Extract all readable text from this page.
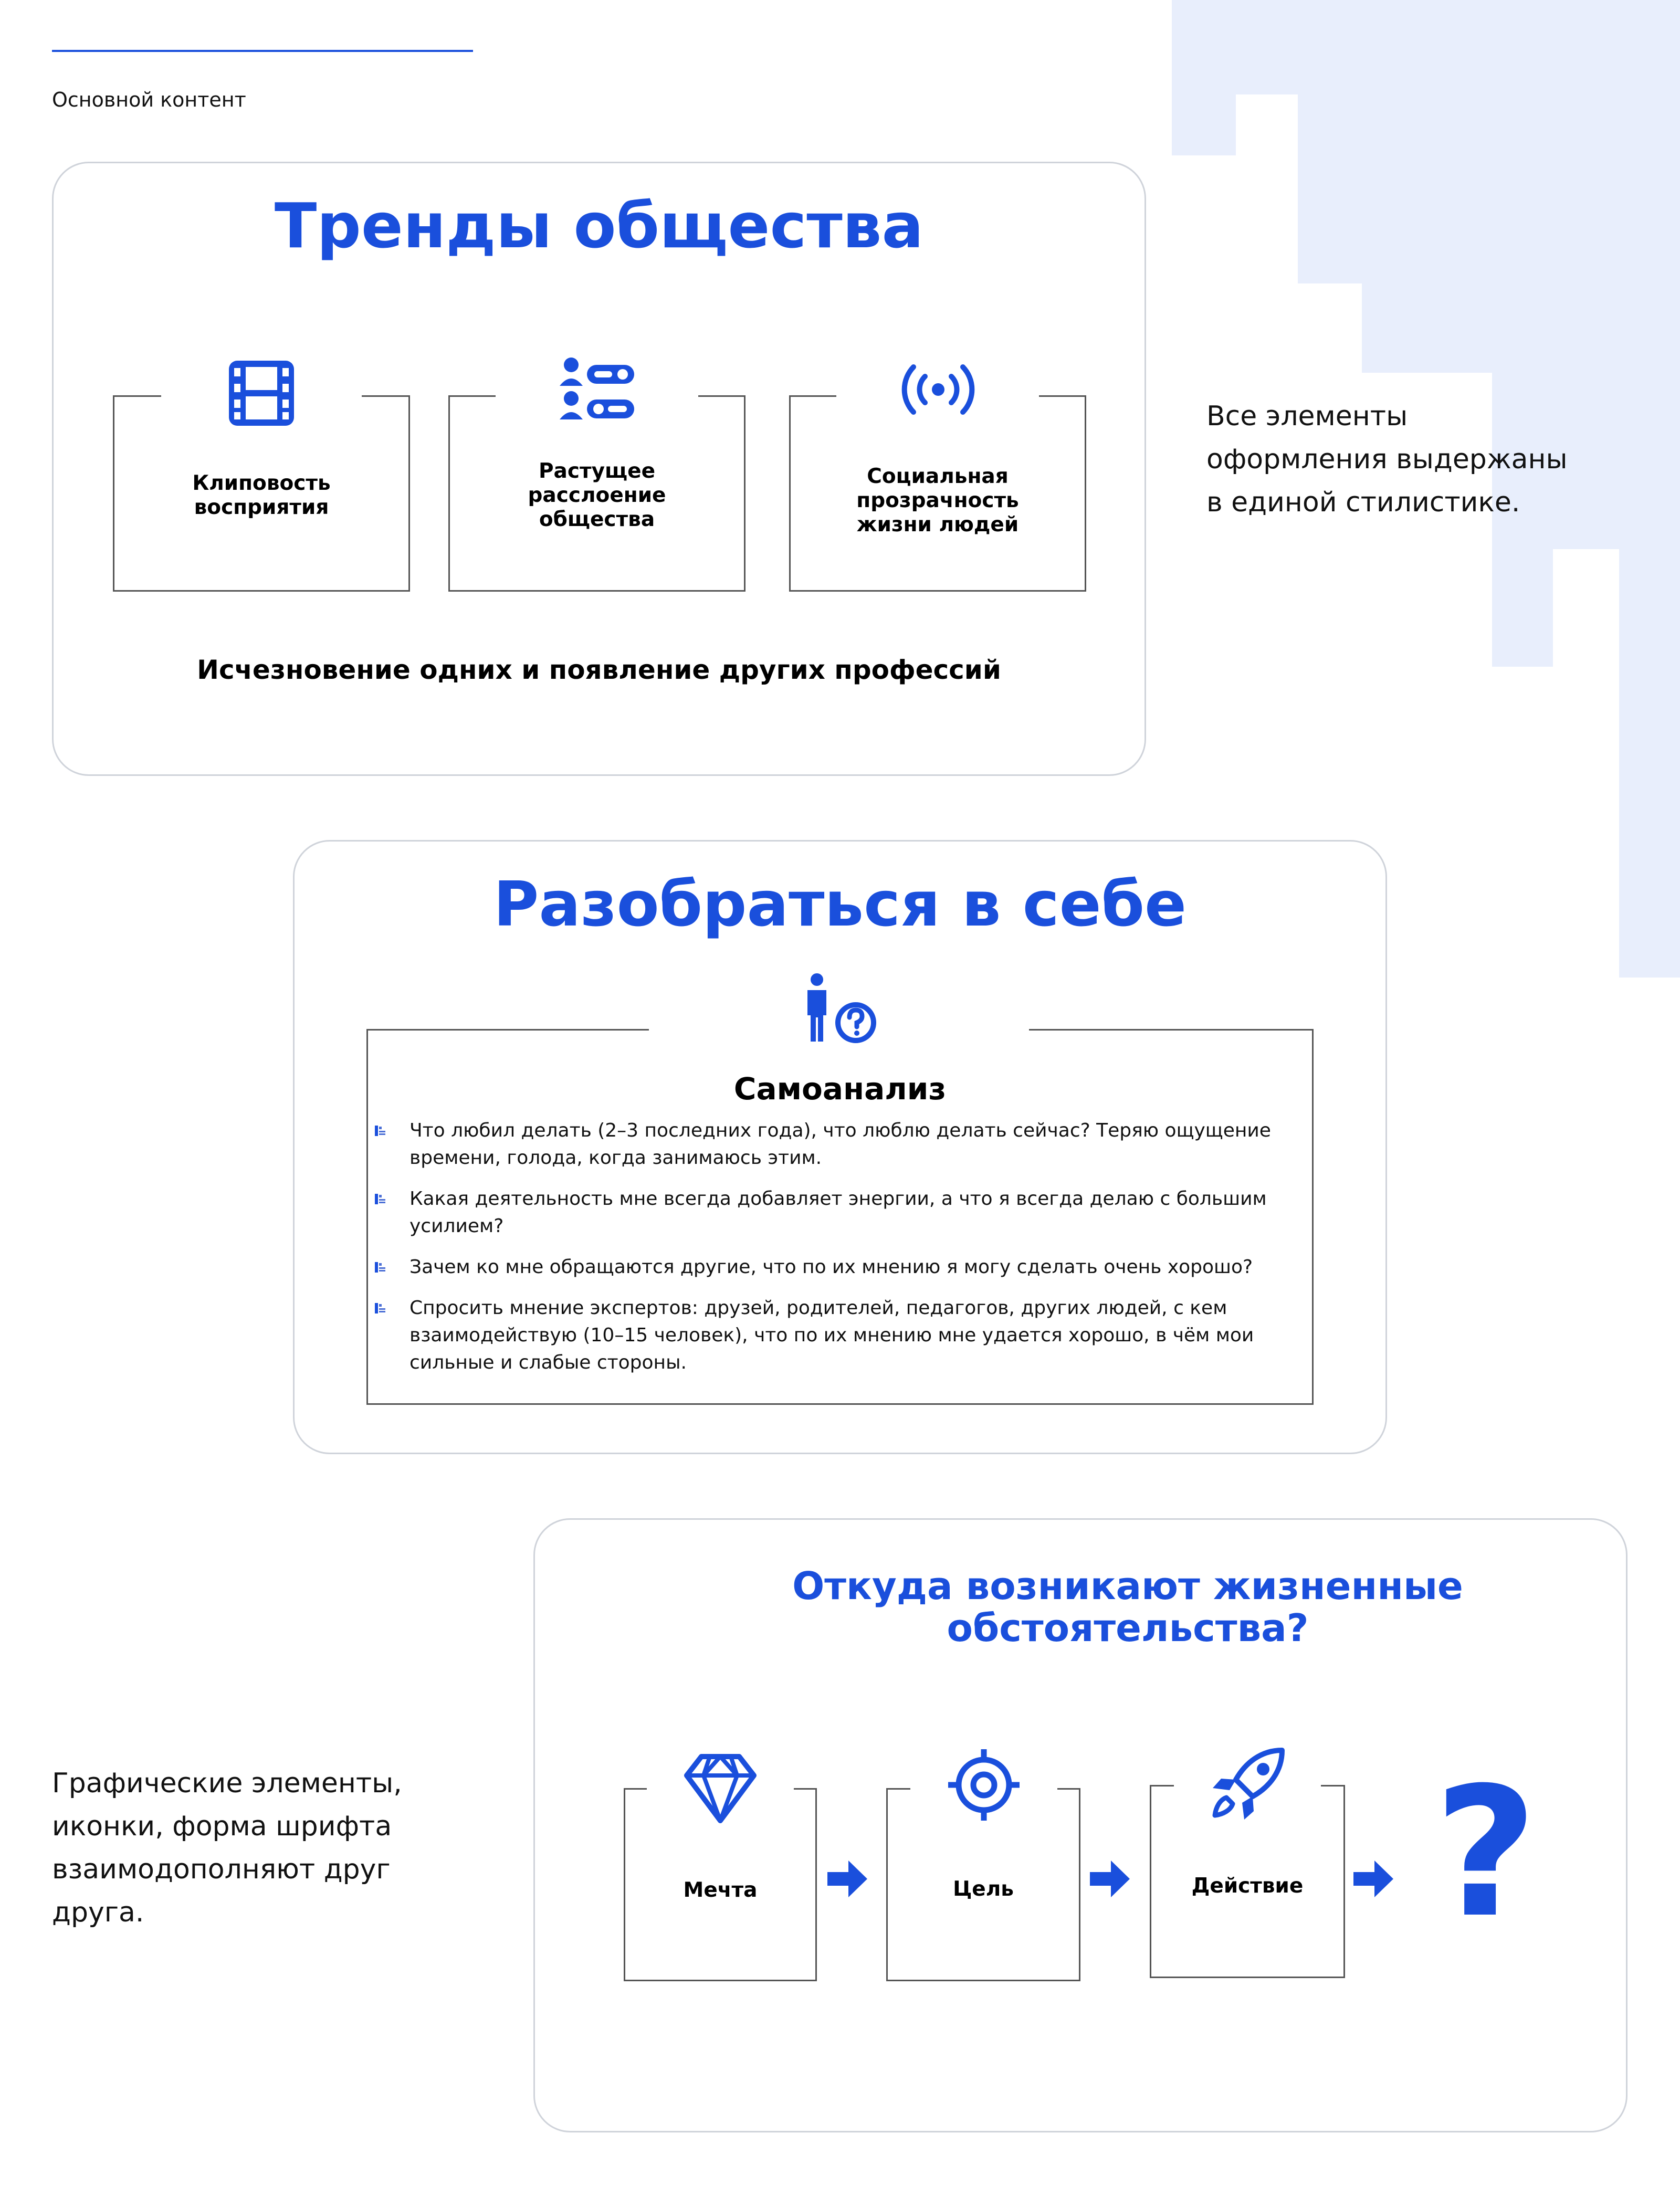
Основной контент
Тренды общества
Клиповость восприятия
Растущее расслоение общества
Социальная прозрачность жизни людей
Исчезновение одних и появление других профессий
Все элементы оформления выдержаны в единой стилистике.
Разобраться в себе
Самоанализ
Что любил делать (2–3 последних года), что люблю делать сейчас? Теряю ощущение времени, голода, когда занимаюсь этим.
Какая деятельность мне всегда добавляет энергии, а что я всегда делаю с большим усилием?
Зачем ко мне обращаются другие, что по их мнению я могу сделать очень хорошо?
Спросить мнение экспертов: друзей, родителей, педагогов, других людей, с кем взаимодействую (10–15 человек), что по их мнению мне удается хорошо, в чём мои сильные и слабые стороны.
Откуда возникают жизненные обстоятельства?
Графические элементы, иконки, форма шрифта взаимодополняют друг друга.
Мечта	Цель	Действие ?
